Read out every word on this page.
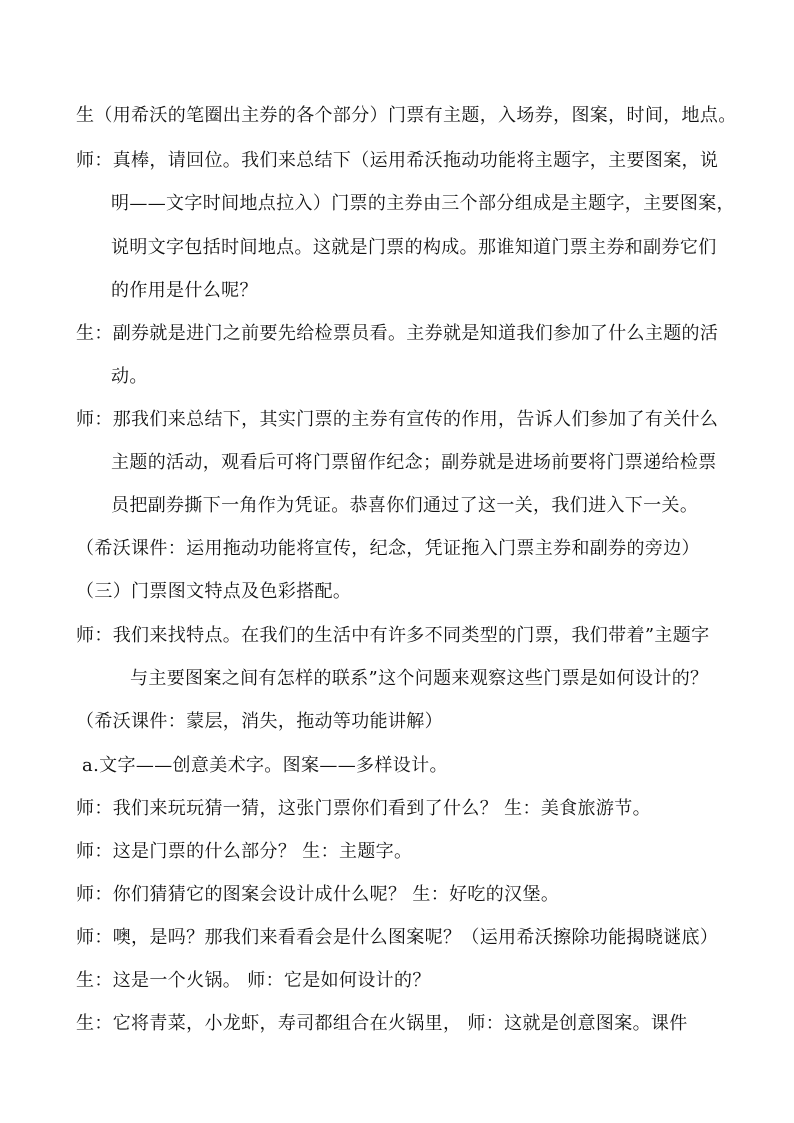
生（用希沃的笔圈出主券的各个部分）门票有主题，入场券，图案，时间，地点。
师：真棒，请回位。我们来总结下（运用希沃拖动功能将主题字，主要图案，说
明——文字时间地点拉入）门票的主券由三个部分组成是主题字，主要图案，
说明文字包括时间地点。这就是门票的构成。那谁知道门票主券和副券它们
的作用是什么呢？
生：副券就是进门之前要先给检票员看。主券就是知道我们参加了什么主题的活
动。
师：那我们来总结下，其实门票的主券有宣传的作用，告诉人们参加了有关什么
主题的活动，观看后可将门票留作纪念；副券就是进场前要将门票递给检票
员把副券撕下一角作为凭证。恭喜你们通过了这一关，我们进入下一关。
（希沃课件：运用拖动功能将宣传，纪念，凭证拖入门票主券和副券的旁边）
（三）门票图文特点及色彩搭配。
师：我们来找特点。在我们的生活中有许多不同类型的门票，我们带着”主题字
与主要图案之间有怎样的联系”这个问题来观察这些门票是如何设计的？
（希沃课件：蒙层，消失，拖动等功能讲解）
a.文字——创意美术字。图案——多样设计。
师：我们来玩玩猜一猜，这张门票你们看到了什么？ 生：美食旅游节。
师：这是门票的什么部分？ 生：主题字。
师：你们猜猜它的图案会设计成什么呢？ 生：好吃的汉堡。
师：噢，是吗？那我们来看看会是什么图案呢？（运用希沃擦除功能揭晓谜底）
生：这是一个火锅。 师：它是如何设计的？
生：它将青菜，小龙虾，寿司都组合在火锅里， 师：这就是创意图案。课件
